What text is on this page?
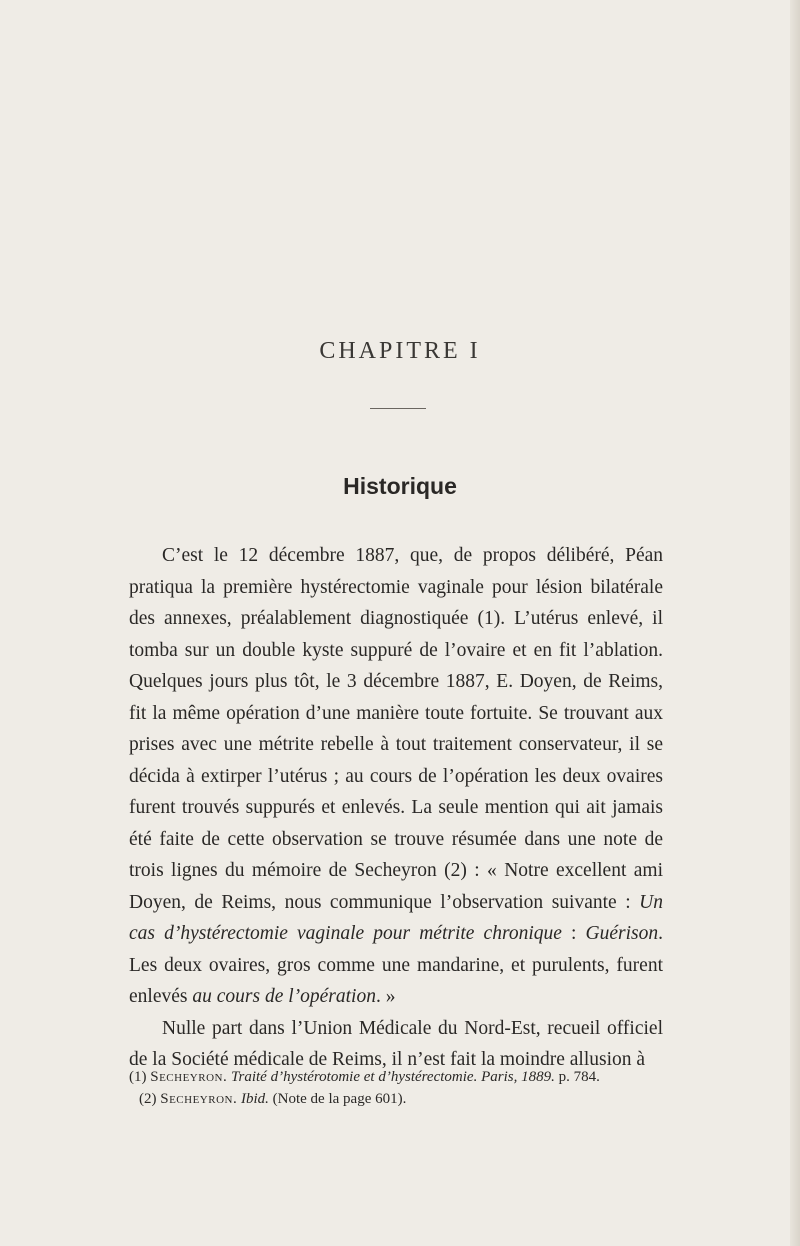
CHAPITRE I
Historique

C’est le 12 décembre 1887, que, de propos délibéré, Péan pratiqua la première hystérectomie vaginale pour lésion bilatérale des annexes, préalablement diagnostiquée (1). L’utérus enlevé, il tomba sur un double kyste suppuré de l’ovaire et en fit l’ablation. Quelques jours plus tôt, le 3 décembre 1887, E. Doyen, de Reims, fit la même opération d’une manière toute fortuite. Se trouvant aux prises avec une métrite rebelle à tout traitement conservateur, il se décida à extirper l’utérus ; au cours de l’opération les deux ovaires furent trouvés suppurés et enlevés. La seule mention qui ait jamais été faite de cette observation se trouve résumée dans une note de trois lignes du mémoire de Secheyron (2) : « Notre excellent ami Doyen, de Reims, nous communique l’observation suivante : Un cas d’hystérectomie vaginale pour métrite chronique : Guérison. Les deux ovaires, gros comme une mandarine, et purulents, furent enlevés au cours de l’opération. »

Nulle part dans l’Union Médicale du Nord-Est, recueil officiel de la Société médicale de Reims, il n’est fait la moindre allusion à

(1) Secheyron. Traité d’hystérotomie et d’hystérectomie. Paris, 1889. p. 784.

(2) Secheyron. Ibid. (Note de la page 601).
